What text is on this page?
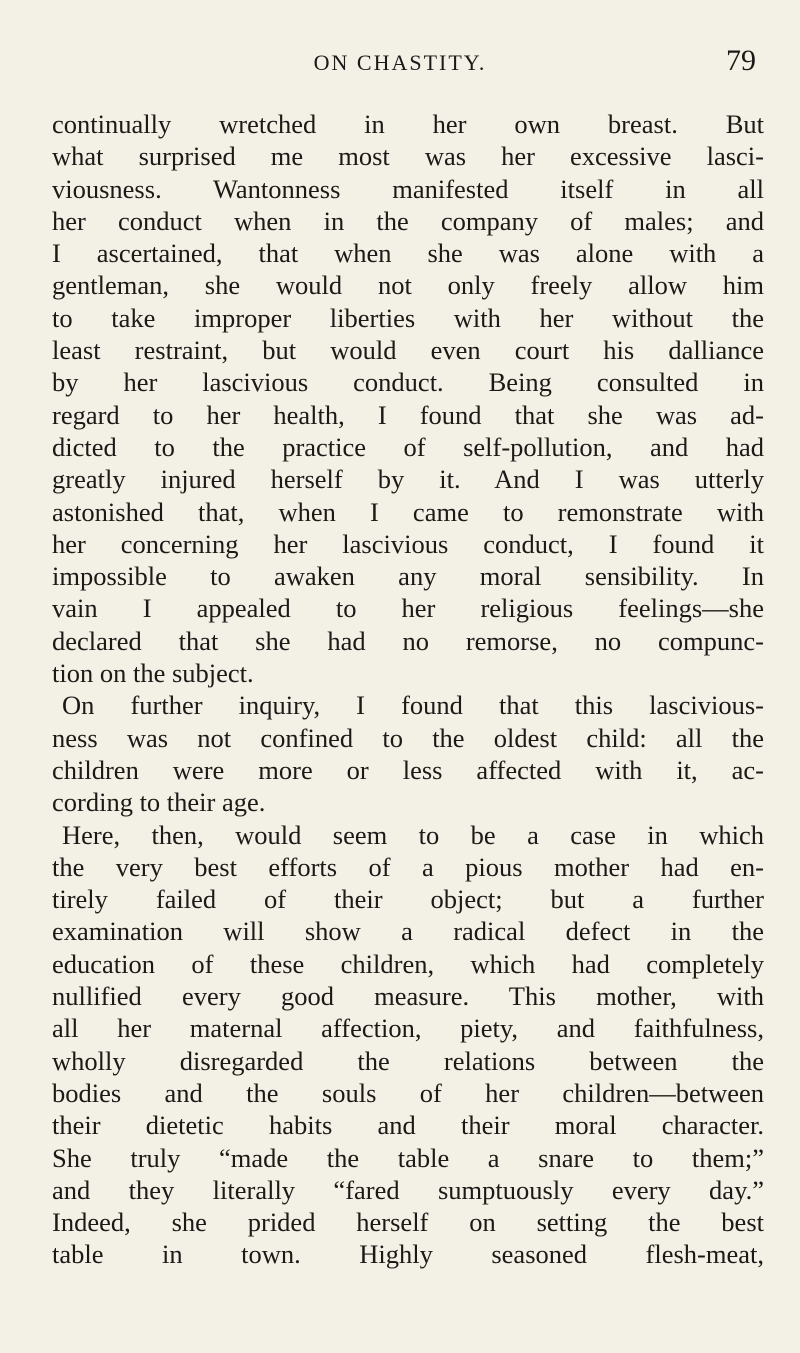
ON CHASTITY.	79
continually wretched in her own breast. But
what surprised me most was her excessive lasci-
viousness. Wantonness manifested itself in all
her conduct when in the company of males; and
I ascertained, that when she was alone with a
gentleman, she would not only freely allow him
to take improper liberties with her without the
least restraint, but would even court his dalliance
by her lascivious conduct. Being consulted in
regard to her health, I found that she was ad-
dicted to the practice of self-pollution, and had
greatly injured herself by it. And I was utterly
astonished that, when I came to remonstrate with
her concerning her lascivious conduct, I found it
impossible to awaken any moral sensibility. In
vain I appealed to her religious feelings—she
declared that she had no remorse, no compunc-
tion on the subject.
On further inquiry, I found that this lascivious-
ness was not confined to the oldest child: all the
children were more or less affected with it, ac-
cording to their age.
Here, then, would seem to be a case in which
the very best efforts of a pious mother had en-
tirely failed of their object; but a further
examination will show a radical defect in the
education of these children, which had completely
nullified every good measure. This mother, with
all her maternal affection, piety, and faithfulness,
wholly disregarded the relations between the
bodies and the souls of her children—between
their dietetic habits and their moral character.
She truly “made the table a snare to them;”
and they literally “fared sumptuously every day.”
Indeed, she prided herself on setting the best
table in town. Highly seasoned flesh-meat,
